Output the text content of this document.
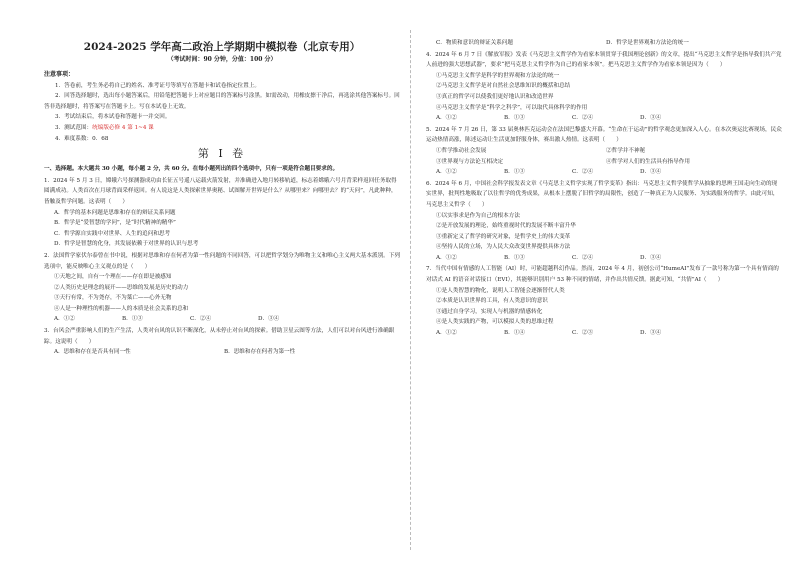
2024-2025 学年高二政治上学期期中模拟卷（北京专用）
（考试时间：90 分钟，分值：100 分）
注意事项：
1．答卷前，考生务必将自己的姓名、准考证号等填写在答题卡和试卷指定位置上。
2．回答选择题时，选出每小题答案后，用铅笔把答题卡上对应题目的答案标号涂黑。如需改动，用橡皮擦干净后，再选涂其他答案标号。回答非选择题时，将答案写在答题卡上。写在本试卷上无效。
3．考试结束后，将本试卷和答题卡一并交回。
3．测试范围：统编版必修 4 第 1~4 课
4．难度系数：0．68
第 I 卷
一、选择题。本大题共 30 小题，每小题 2 分，共 60 分。在每小题列出的四个选项中，只有一项是符合题目要求的。
1．2024 年 5 月 3 日，嫦娥六号探测器成功由长征五号遥八运载火箭发射，并准确进入地月转移轨道，标志着嫦娥六号月背采样返回任务取得圆满成功。人类首次在月球背面采样返回。有人说这是人类探索世界奥秘、试图解开世界是什么？从哪里来？向哪里去？的“天问”，凡此种种，皆触及哲学问题。这表明（　　）
A．哲学的基本问题是思维和存在的辩证关系问题
B．哲学是“爱智慧的学问”，是“时代精神的精华”
C．哲学源自实践中对世界、人生的追问和思考
D．哲学是智慧的化身，其发展依赖于对世界的认识与思考
2．法国哲学家伏尔泰曾在书中说，根据对思维和存在何者为第一性问题的不同回答，可以把哲学划分为唯物主义和唯心主义两大基本派别。下列选项中，能反映唯心主义观点的是（　　）
①天地之间，自有一个理在——存在即是被感知
②人类历史是理念的展开——思维的发展是历史的动力
③天行有常，不为尧存，不为桀亡——心外无物
④人是一种理性的机器——人的本质是社会关系的总和
A．①②	B．①③	C．②④	D．③④
3．台风会严重影响人们的生产生活，人类对台风的认识不断深化，从未停止对台风的探索。借助卫星云图等方法，人们可以对台风进行准确跟踪。这说明（　　）
A．思维和存在是否具有同一性	B．思维和存在何者为第一性
C．物质和意识的辩证关系问题	D．哲学是世界观和方法论的统一
4．2024 年 6 月 7 日《解放军报》发表《马克思主义哲学作为看家本领贯穿于我国理论创新》的文章，提出“马克思主义哲学是指导我们共产党人前进的强大思想武器”，要求“把马克思主义哲学作为自己的看家本领”。把马克思主义哲学作为看家本领是因为（　　）
①马克思主义哲学是科学的世界观和方法论的统一
②马克思主义哲学是对自然社会思维知识的概括和总结
③真正的哲学可以使我们更好地认识和改造世界
④马克思主义哲学是“科学之科学”，可以取代具体科学的作用
A．①②	B．①③	C．②④	D．③④
5．2024 年 7 月 26 日，第 33 届奥林匹克运动会在法国巴黎盛大开幕。“生命在于运动”的哲学观念更加深入人心。在本次奥运比赛现场，民众运动热情高涨，陈述运动让生活更加舒服身体，赛出激人热情。这表明（　　）
①哲学推动社会发展	②哲学并不神秘
③世界观与方法论互相决定	④哲学对人们的生活具有指导作用
A．①②	B．①③	C．②④	D．③④
6．2024 年 6 月，中国社会科学报发表文章《马克思主义哲学实现了哲学变革》指出：马克思主义哲学使哲学从抽象的思辨王国走向生动的现实世界，批判性地吸取了以往哲学的优秀成果，从根本上摆脱了旧哲学的局限性，创造了一种真正为人民服务、为实践服务的哲学。由此可知，马克思主义哲学（　　）
①以实事求是作为自己的根本方法
②是开放发展的理论，始终重视时代的发展不断丰富升华
③重新定义了哲学的研究对象，是哲学史上的伟大变革
④坚持人民的立场，为人民大众改变世界提供具体方法
A．①②	B．①③	C．②④	D．③④
7．当代中国有情感的人工智能（AI）时，可能超越科幻作品。然而，2024 年 4 月，初创公司“HumeAI”发布了一款号称为第一个具有情商的对话式 AI 的语音对话接口（EVI），其能够识别用户 53 种不同的情绪，并作出共情反馈。据此可知，“共情”AI（　　）
①是人类智慧的物化，说明人工智能会逐渐替代人类
②本质是认识世界的工具，有人类意识的意识
③通过自身学习，实现人与机器的情感转化
④是人类实践的产物，可以模拟人类的思维过程
A．①②	B．①④	C．②③	D．③④
